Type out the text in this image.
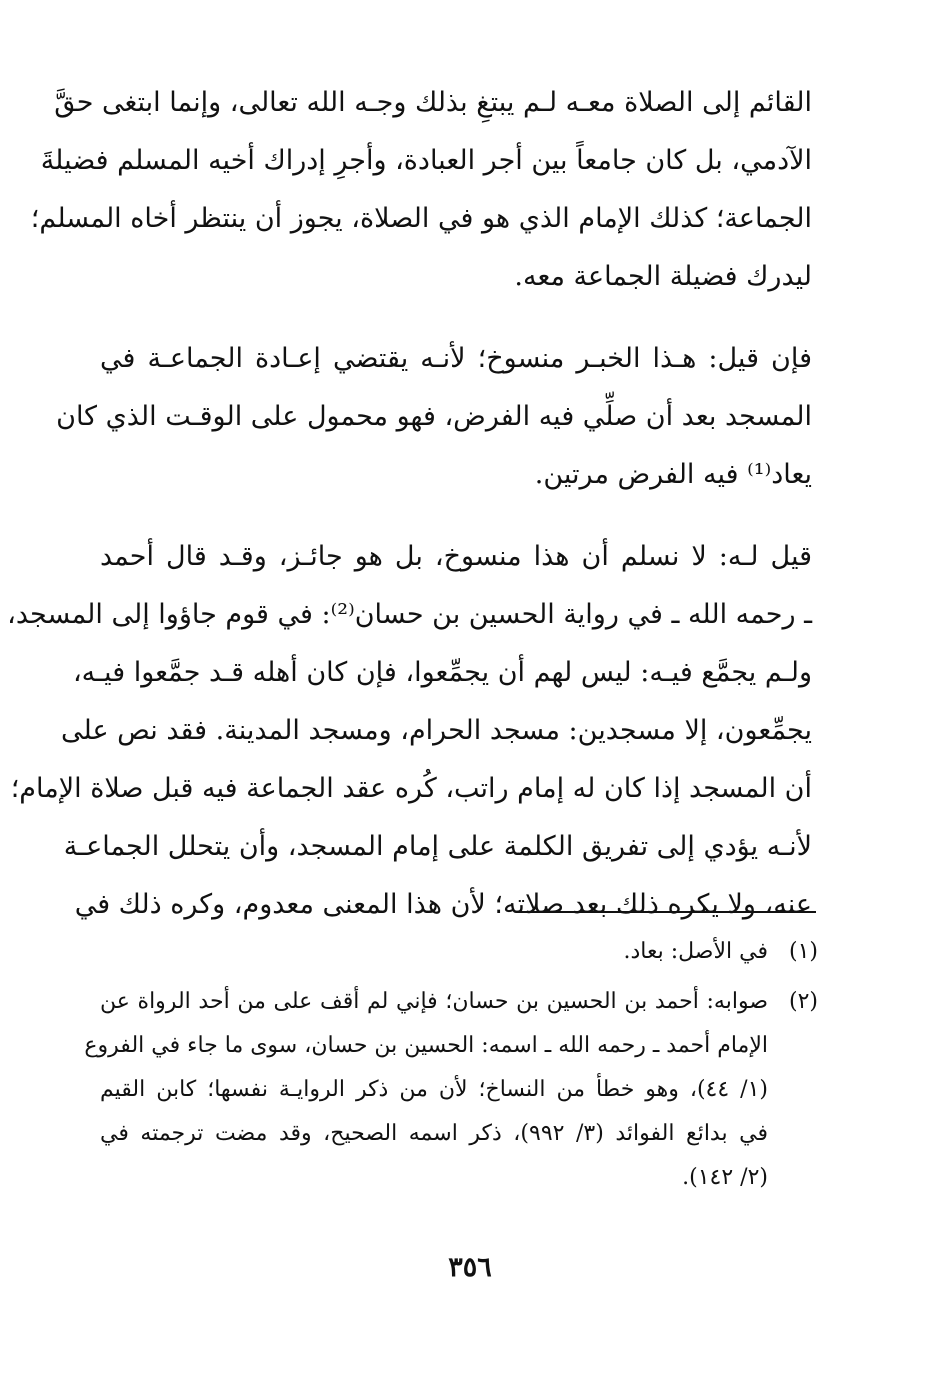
القائم إلى الصلاة معـه لـم يبتغِ بذلك وجـه الله تعالى، وإنما ابتغى حقَّ
الآدمي، بل كان جامعاً بين أجر العبادة، وأجرِ إدراك أخيه المسلم فضيلةَ
الجماعة؛ كذلك الإمام الذي هو في الصلاة، يجوز أن ينتظر أخاه المسلم؛
ليدرك فضيلة الجماعة معه.
فإن قيل: هـذا الخبـر منسوخ؛ لأنـه يقتضي إعـادة الجماعـة في
المسجد بعد أن صلِّي فيه الفرض، فهو محمول على الوقـت الذي كان
يعاد⁽¹⁾ فيه الفرض مرتين.
قيل لـه: لا نسلم أن هذا منسوخ، بل هو جائـز، وقـد قال أحمد
ـ رحمه الله ـ في رواية الحسين بن حسان⁽²⁾: في قوم جاؤوا إلى المسجد،
ولـم يجمَّع فيـه: ليس لهم أن يجمِّعوا، فإن كان أهله قـد جمَّعوا فيـه،
يجمِّعون، إلا مسجدين: مسجد الحرام، ومسجد المدينة. فقد نص على
أن المسجد إذا كان له إمام راتب، كُره عقد الجماعة فيه قبل صلاة الإمام؛
لأنـه يؤدي إلى تفريق الكلمة على إمام المسجد، وأن يتحلل الجماعـة
عنه، ولا يكره ذلك بعد صلاته؛ لأن هذا المعنى معدوم، وكره ذلك في
(١)
في الأصل: بعاد.
(٢)
صوابه: أحمد بن الحسين بن حسان؛ فإني لم أقف على من أحد الرواة عن
الإمام أحمد ـ رحمه الله ـ اسمه: الحسين بن حسان، سوى ما جاء في الفروع
(١/ ٤٤)، وهو خطأ من النساخ؛ لأن من ذكر الروايـة نفسها؛ كابن القيم
في بدائع الفوائد (٣/ ٩٩٢)، ذكر اسمه الصحيح، وقد مضت ترجمته في
(٢/ ١٤٢).
٣٥٦
